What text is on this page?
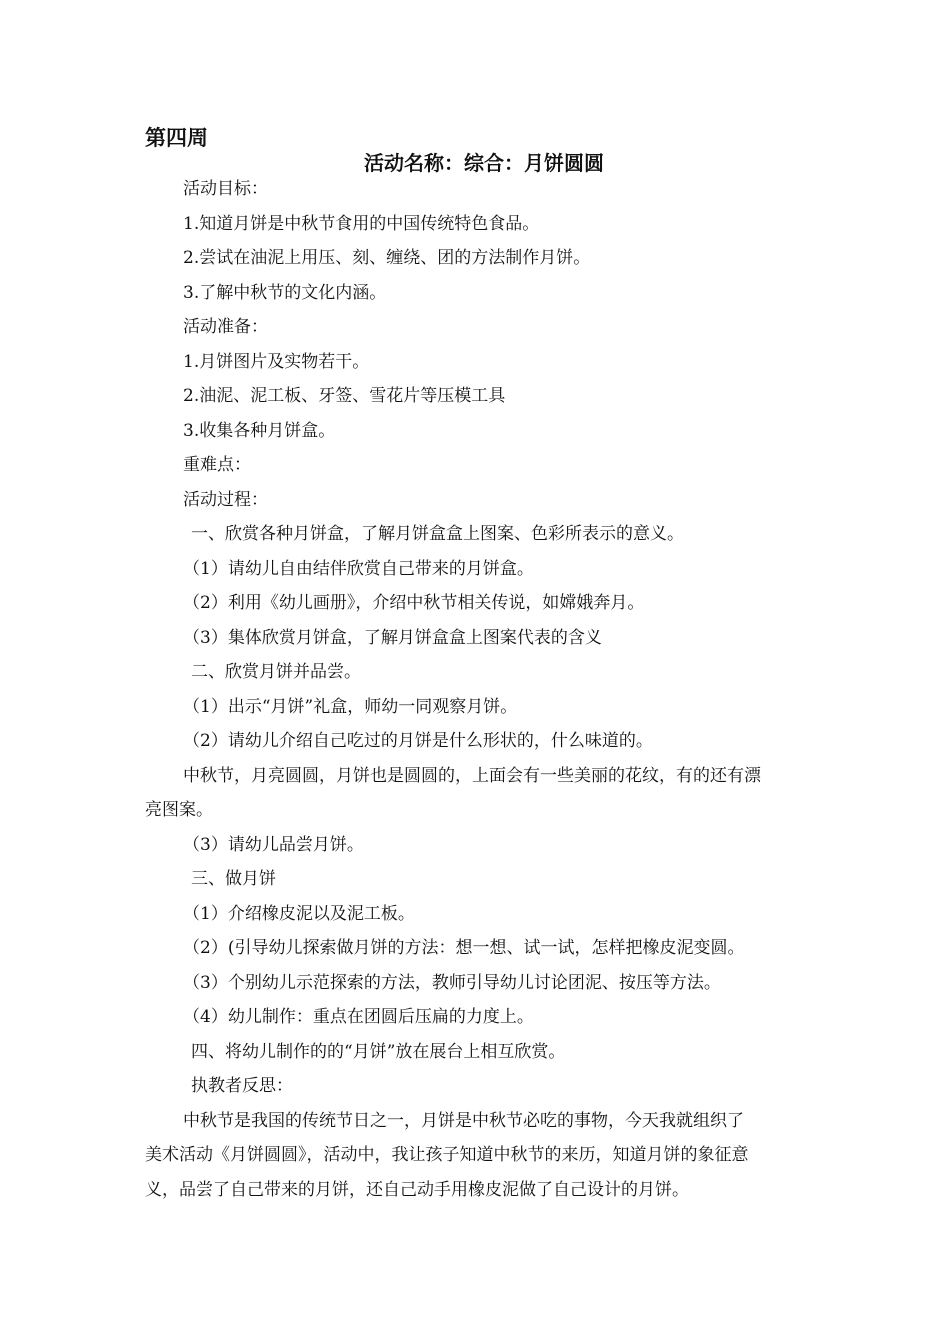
第四周
活动名称：综合：月饼圆圆
活动目标：
1.知道月饼是中秋节食用的中国传统特色食品。
2.尝试在油泥上用压、刻、缠绕、团的方法制作月饼。
3.了解中秋节的文化内涵。
活动准备：
1.月饼图片及实物若干。
2.油泥、泥工板、牙签、雪花片等压模工具
3.收集各种月饼盒。
重难点：
活动过程：
一、欣赏各种月饼盒，了解月饼盒盒上图案、色彩所表示的意义。
（1）请幼儿自由结伴欣赏自己带来的月饼盒。
（2）利用《幼儿画册》，介绍中秋节相关传说，如嫦娥奔月。
（3）集体欣赏月饼盒，了解月饼盒盒上图案代表的含义
二、欣赏月饼并品尝。
（1）出示“月饼”礼盒，师幼一同观察月饼。
（2）请幼儿介绍自己吃过的月饼是什么形状的，什么味道的。
中秋节，月亮圆圆，月饼也是圆圆的，上面会有一些美丽的花纹，有的还有漂
亮图案。
（3）请幼儿品尝月饼。
三、做月饼
（1）介绍橡皮泥以及泥工板。
（2）(引导幼儿探索做月饼的方法：想一想、试一试，怎样把橡皮泥变圆。
（3）个别幼儿示范探索的方法，教师引导幼儿讨论团泥、按压等方法。
（4）幼儿制作：重点在团圆后压扁的力度上。
四、将幼儿制作的的“月饼”放在展台上相互欣赏。
执教者反思：
中秋节是我国的传统节日之一，月饼是中秋节必吃的事物，今天我就组织了
美术活动《月饼圆圆》，活动中，我让孩子知道中秋节的来历，知道月饼的象征意
义，品尝了自己带来的月饼，还自己动手用橡皮泥做了自己设计的月饼。
